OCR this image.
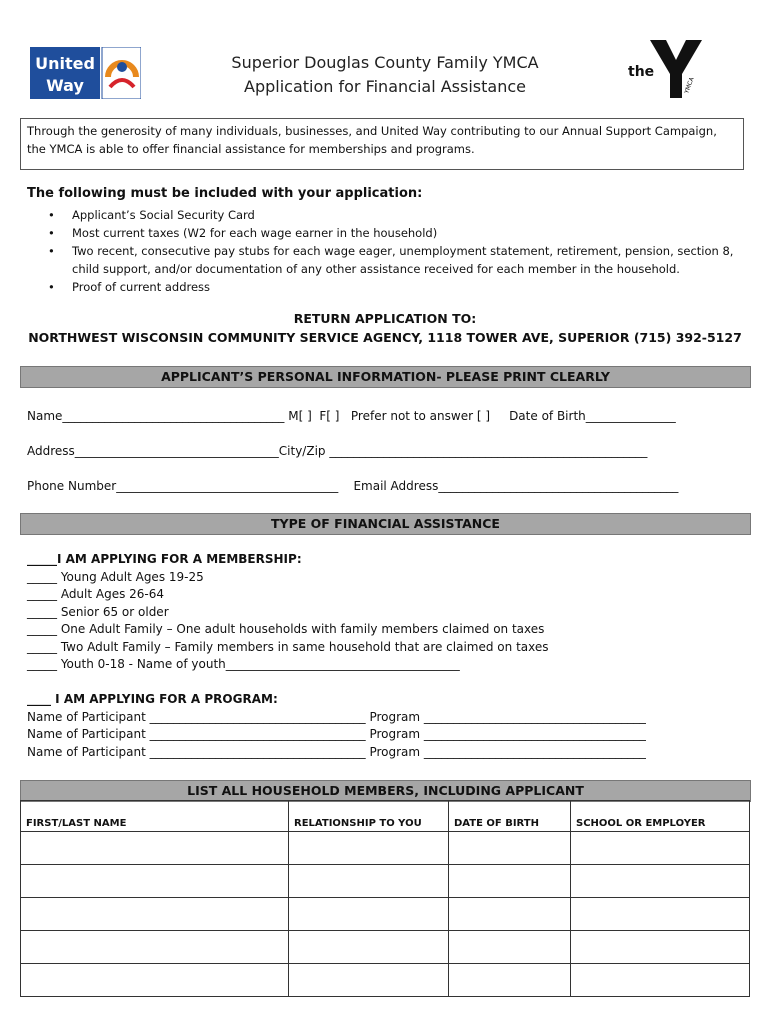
United
Way
Superior Douglas County Family YMCA
Application for Financial Assistance
the
YMCA
Through the generosity of many individuals, businesses, and United Way contributing to our Annual Support Campaign, the YMCA is able to offer financial assistance for memberships and programs.
The following must be included with your application:
• Applicant’s Social Security Card
• Most current taxes (W2 for each wage earner in the household)
• Two recent, consecutive pay stubs for each wage eager, unemployment statement, retirement, pension, section 8, child support, and/or documentation of any other assistance received for each member in the household.
• Proof of current address
RETURN APPLICATION TO:
NORTHWEST WISCONSIN COMMUNITY SERVICE AGENCY, 1118 TOWER AVE, SUPERIOR (715) 392-5127
APPLICANT’S PERSONAL INFORMATION- PLEASE PRINT CLEARLY
Name_____________________________________ M[ ]  F[ ]   Prefer not to answer [ ]     Date of Birth_______________
Address__________________________________City/Zip _____________________________________________________
Phone Number_____________________________________    Email Address________________________________________
TYPE OF FINANCIAL ASSISTANCE
_____I AM APPLYING FOR A MEMBERSHIP:
_____ Young Adult Ages 19-25
_____ Adult Ages 26-64
_____ Senior 65 or older
_____ One Adult Family – One adult households with family members claimed on taxes
_____ Two Adult Family – Family members in same household that are claimed on taxes
_____ Youth 0-18 - Name of youth_______________________________________
____ I AM APPLYING FOR A PROGRAM:
Name of Participant ____________________________________ Program _____________________________________
Name of Participant ____________________________________ Program _____________________________________
Name of Participant ____________________________________ Program _____________________________________
LIST ALL HOUSEHOLD MEMBERS, INCLUDING APPLICANT
FIRST/LAST NAME	RELATIONSHIP TO YOU	DATE OF BIRTH	SCHOOL OR EMPLOYER
